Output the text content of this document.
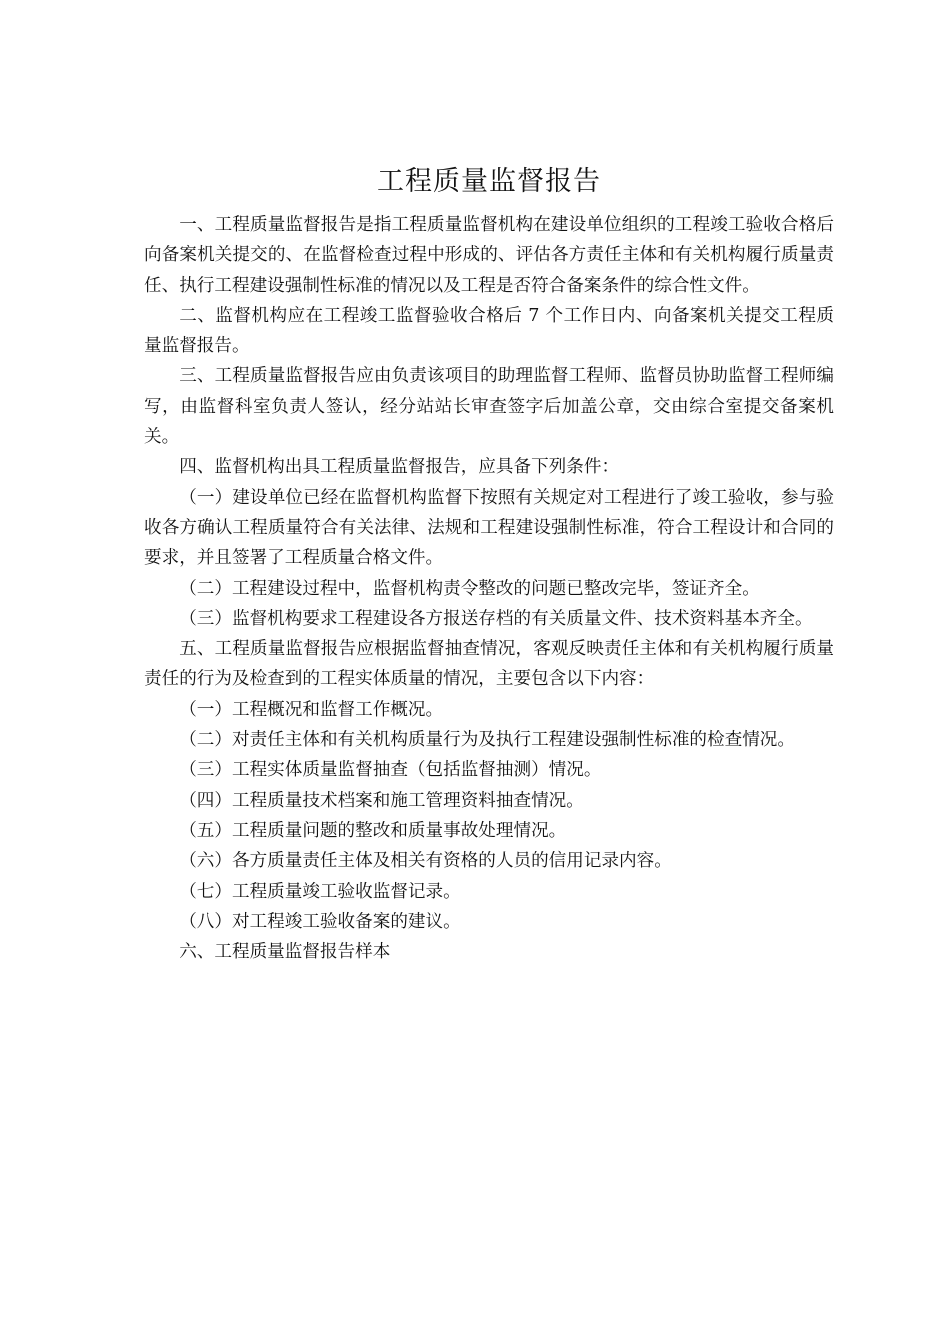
工程质量监督报告

一、工程质量监督报告是指工程质量监督机构在建设单位组织的工程竣工验收合格后向备案机关提交的、在监督检查过程中形成的、评估各方责任主体和有关机构履行质量责任、执行工程建设强制性标准的情况以及工程是否符合备案条件的综合性文件。

二、监督机构应在工程竣工监督验收合格后 7 个工作日内、向备案机关提交工程质量监督报告。

三、工程质量监督报告应由负责该项目的助理监督工程师、监督员协助监督工程师编写，由监督科室负责人签认，经分站站长审查签字后加盖公章，交由综合室提交备案机关。

四、监督机构出具工程质量监督报告，应具备下列条件：

（一）建设单位已经在监督机构监督下按照有关规定对工程进行了竣工验收，参与验收各方确认工程质量符合有关法律、法规和工程建设强制性标准，符合工程设计和合同的要求，并且签署了工程质量合格文件。

（二）工程建设过程中，监督机构责令整改的问题已整改完毕，签证齐全。

（三）监督机构要求工程建设各方报送存档的有关质量文件、技术资料基本齐全。

五、工程质量监督报告应根据监督抽查情况，客观反映责任主体和有关机构履行质量责任的行为及检查到的工程实体质量的情况，主要包含以下内容：

（一）工程概况和监督工作概况。

（二）对责任主体和有关机构质量行为及执行工程建设强制性标准的检查情况。

（三）工程实体质量监督抽查（包括监督抽测）情况。

（四）工程质量技术档案和施工管理资料抽查情况。

（五）工程质量问题的整改和质量事故处理情况。

（六）各方质量责任主体及相关有资格的人员的信用记录内容。

（七）工程质量竣工验收监督记录。

（八）对工程竣工验收备案的建议。

六、工程质量监督报告样本
